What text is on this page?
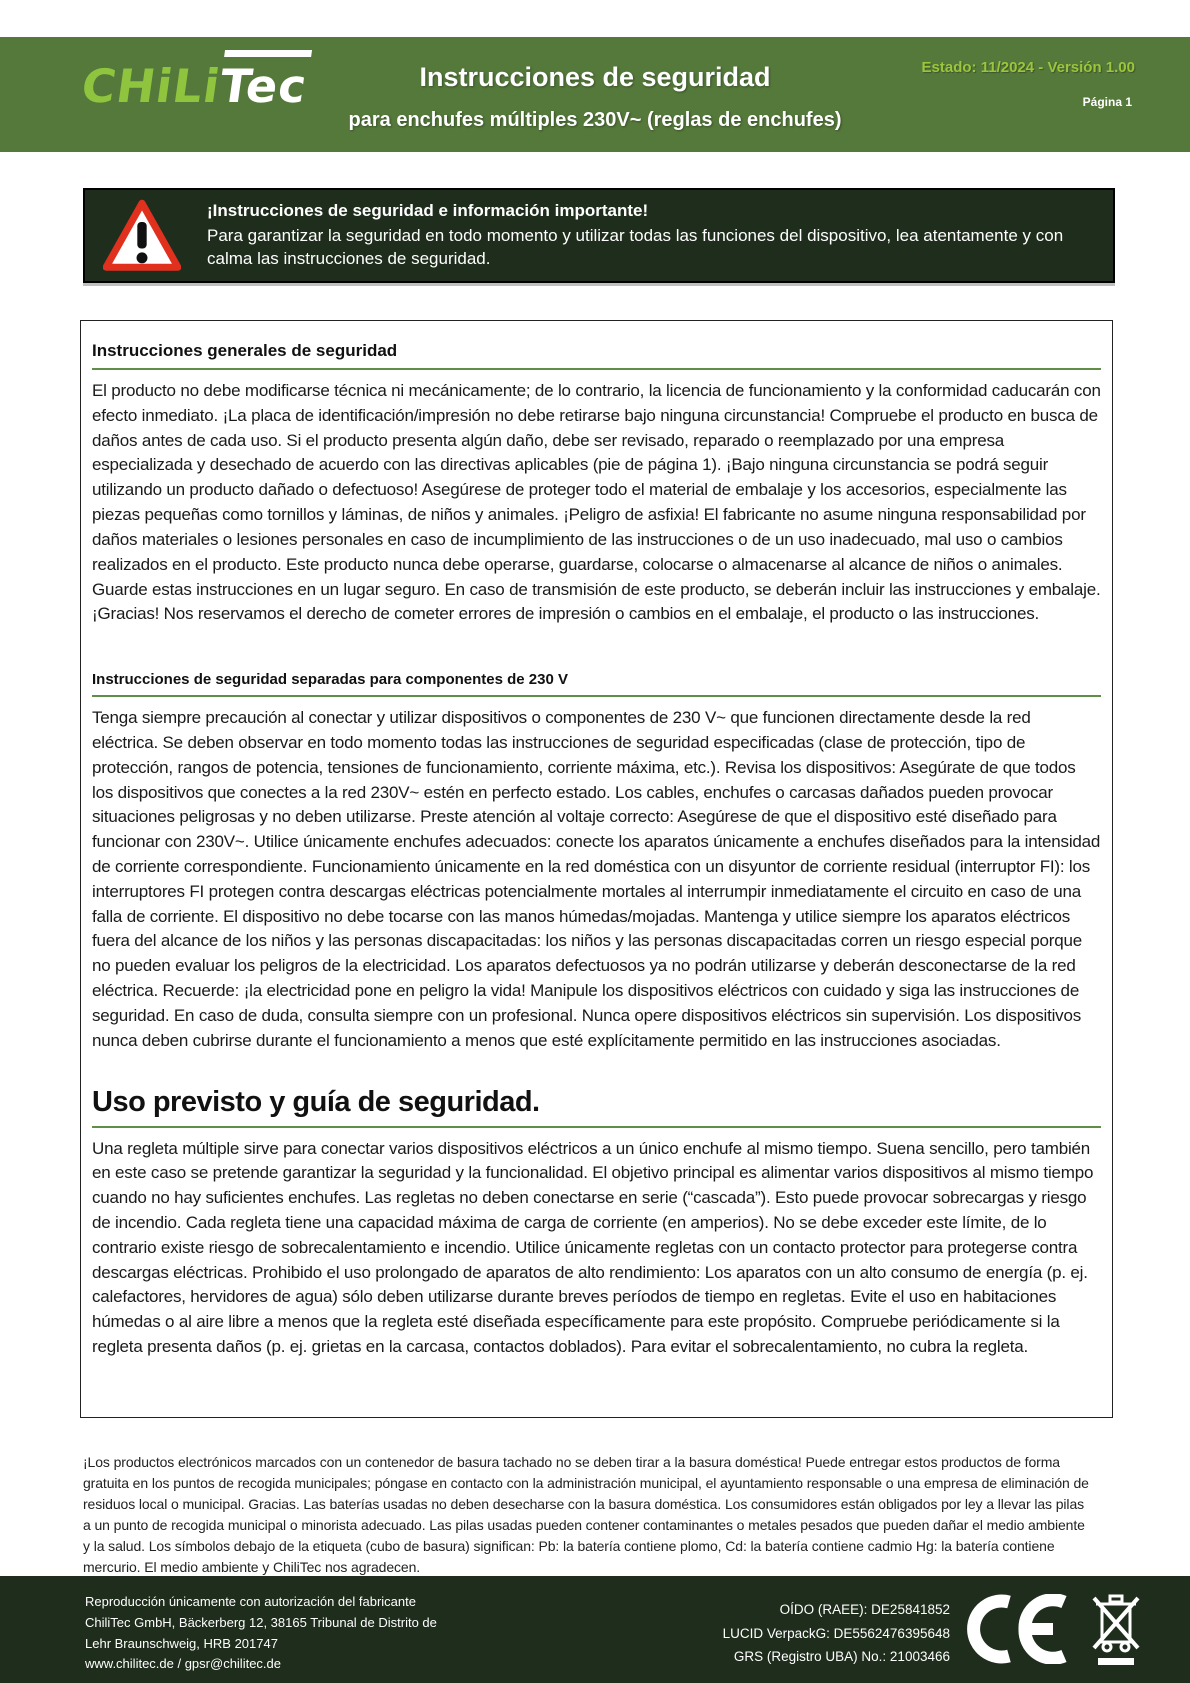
CHiLiTec	Instrucciones de seguridad
para enchufes múltiples 230V~ (reglas de enchufes)
Estado: 11/2024 - Versión 1.00
Página 1
¡Instrucciones de seguridad e información importante!
Para garantizar la seguridad en todo momento y utilizar todas las funciones del dispositivo, lea atentamente y con calma las instrucciones de seguridad.
Instrucciones generales de seguridad

El producto no debe modificarse técnica ni mecánicamente; de lo contrario, la licencia de funcionamiento y la conformidad caducarán con efecto inmediato. ¡La placa de identificación/impresión no debe retirarse bajo ninguna circunstancia! Compruebe el producto en busca de daños antes de cada uso. Si el producto presenta algún daño, debe ser revisado, reparado o reemplazado por una empresa especializada y desechado de acuerdo con las directivas aplicables (pie de página 1). ¡Bajo ninguna circunstancia se podrá seguir utilizando un producto dañado o defectuoso! Asegúrese de proteger todo el material de embalaje y los accesorios, especialmente las piezas pequeñas como tornillos y láminas, de niños y animales. ¡Peligro de asfixia! El fabricante no asume ninguna responsabilidad por daños materiales o lesiones personales en caso de incumplimiento de las instrucciones o de un uso inadecuado, mal uso o cambios realizados en el producto. Este producto nunca debe operarse, guardarse, colocarse o almacenarse al alcance de niños o animales. Guarde estas instrucciones en un lugar seguro. En caso de transmisión de este producto, se deberán incluir las instrucciones y embalaje. ¡Gracias! Nos reservamos el derecho de cometer errores de impresión o cambios en el embalaje, el producto o las instrucciones.

Instrucciones de seguridad separadas para componentes de 230 V

Tenga siempre precaución al conectar y utilizar dispositivos o componentes de 230 V~ que funcionen directamente desde la red eléctrica. Se deben observar en todo momento todas las instrucciones de seguridad especificadas (clase de protección, tipo de protección, rangos de potencia, tensiones de funcionamiento, corriente máxima, etc.). Revisa los dispositivos: Asegúrate de que todos los dispositivos que conectes a la red 230V~ estén en perfecto estado. Los cables, enchufes o carcasas dañados pueden provocar situaciones peligrosas y no deben utilizarse. Preste atención al voltaje correcto: Asegúrese de que el dispositivo esté diseñado para funcionar con 230V~. Utilice únicamente enchufes adecuados: conecte los aparatos únicamente a enchufes diseñados para la intensidad de corriente correspondiente. Funcionamiento únicamente en la red doméstica con un disyuntor de corriente residual (interruptor FI): los interruptores FI protegen contra descargas eléctricas potencialmente mortales al interrumpir inmediatamente el circuito en caso de una falla de corriente. El dispositivo no debe tocarse con las manos húmedas/mojadas. Mantenga y utilice siempre los aparatos eléctricos fuera del alcance de los niños y las personas discapacitadas: los niños y las personas discapacitadas corren un riesgo especial porque no pueden evaluar los peligros de la electricidad. Los aparatos defectuosos ya no podrán utilizarse y deberán desconectarse de la red eléctrica. Recuerde: ¡la electricidad pone en peligro la vida! Manipule los dispositivos eléctricos con cuidado y siga las instrucciones de seguridad. En caso de duda, consulta siempre con un profesional. Nunca opere dispositivos eléctricos sin supervisión. Los dispositivos nunca deben cubrirse durante el funcionamiento a menos que esté explícitamente permitido en las instrucciones asociadas.

Uso previsto y guía de seguridad.

Una regleta múltiple sirve para conectar varios dispositivos eléctricos a un único enchufe al mismo tiempo. Suena sencillo, pero también en este caso se pretende garantizar la seguridad y la funcionalidad. El objetivo principal es alimentar varios dispositivos al mismo tiempo cuando no hay suficientes enchufes. Las regletas no deben conectarse en serie (“cascada”). Esto puede provocar sobrecargas y riesgo de incendio. Cada regleta tiene una capacidad máxima de carga de corriente (en amperios). No se debe exceder este límite, de lo contrario existe riesgo de sobrecalentamiento e incendio. Utilice únicamente regletas con un contacto protector para protegerse contra descargas eléctricas. Prohibido el uso prolongado de aparatos de alto rendimiento: Los aparatos con un alto consumo de energía (p. ej. calefactores, hervidores de agua) sólo deben utilizarse durante breves períodos de tiempo en regletas. Evite el uso en habitaciones húmedas o al aire libre a menos que la regleta esté diseñada específicamente para este propósito. Compruebe periódicamente si la regleta presenta daños (p. ej. grietas en la carcasa, contactos doblados). Para evitar el sobrecalentamiento, no cubra la regleta.

¡Los productos electrónicos marcados con un contenedor de basura tachado no se deben tirar a la basura doméstica! Puede entregar estos productos de forma gratuita en los puntos de recogida municipales; póngase en contacto con la administración municipal, el ayuntamiento responsable o una empresa de eliminación de residuos local o municipal. Gracias. Las baterías usadas no deben desecharse con la basura doméstica. Los consumidores están obligados por ley a llevar las pilas a un punto de recogida municipal o minorista adecuado. Las pilas usadas pueden contener contaminantes o metales pesados que pueden dañar el medio ambiente y la salud. Los símbolos debajo de la etiqueta (cubo de basura) significan: Pb: la batería contiene plomo, Cd: la batería contiene cadmio Hg: la batería contiene mercurio. El medio ambiente y ChiliTec nos agradecen.

Reproducción únicamente con autorización del fabricante
ChiliTec GmbH, Bäckerberg 12, 38165 Tribunal de Distrito de
Lehr Braunschweig, HRB 201747
www.chilitec.de / gpsr@chilitec.de
OÍDO (RAEE): DE25841852
LUCID VerpackG: DE5562476395648
GRS (Registro UBA) No.: 21003466
